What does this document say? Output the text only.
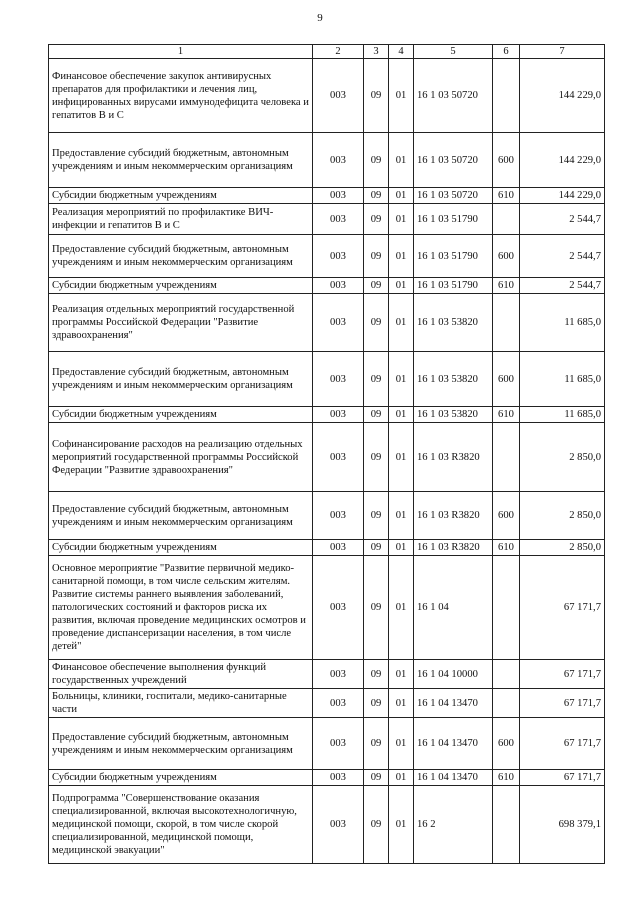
9
1	2	3	4	5	6	7
Финансовое обеспечение закупок антивирусных препаратов для профилактики и лечения лиц, инфицированных вирусами иммунодефицита человека и гепатитов В и С	003	09	01	16 1 03 50720		144 229,0
Предоставление субсидий бюджетным, автономным учреждениям и иным некоммерческим организациям	003	09	01	16 1 03 50720	600	144 229,0
Субсидии бюджетным учреждениям	003	09	01	16 1 03 50720	610	144 229,0
Реализация мероприятий по профилактике ВИЧ-инфекции и гепатитов В и С	003	09	01	16 1 03 51790		2 544,7
Предоставление субсидий бюджетным, автономным учреждениям и иным некоммерческим организациям	003	09	01	16 1 03 51790	600	2 544,7
Субсидии бюджетным учреждениям	003	09	01	16 1 03 51790	610	2 544,7
Реализация отдельных мероприятий государственной программы Российской Федерации "Развитие здравоохранения"	003	09	01	16 1 03 53820		11 685,0
Предоставление субсидий бюджетным, автономным учреждениям и иным некоммерческим организациям	003	09	01	16 1 03 53820	600	11 685,0
Субсидии бюджетным учреждениям	003	09	01	16 1 03 53820	610	11 685,0
Софинансирование расходов на реализацию отдельных мероприятий государственной программы Российской Федерации "Развитие здравоохранения"	003	09	01	16 1 03 R3820		2 850,0
Предоставление субсидий бюджетным, автономным учреждениям и иным некоммерческим организациям	003	09	01	16 1 03 R3820	600	2 850,0
Субсидии бюджетным учреждениям	003	09	01	16 1 03 R3820	610	2 850,0
Основное мероприятие "Развитие первичной медико-санитарной помощи, в том числе сельским жителям. Развитие системы раннего выявления заболеваний, патологических состояний и факторов риска их развития, включая проведение медицинских осмотров и проведение диспансеризации населения, в том числе детей"	003	09	01	16 1 04		67 171,7
Финансовое обеспечение выполнения функций государственных учреждений	003	09	01	16 1 04 10000		67 171,7
Больницы, клиники, госпитали, медико-санитарные части	003	09	01	16 1 04 13470		67 171,7
Предоставление субсидий бюджетным, автономным учреждениям и иным некоммерческим организациям	003	09	01	16 1 04 13470	600	67 171,7
Субсидии бюджетным учреждениям	003	09	01	16 1 04 13470	610	67 171,7
Подпрограмма "Совершенствование оказания специализированной, включая высокотехнологичную, медицинской помощи, скорой, в том числе скорой специализированной, медицинской помощи, медицинской эвакуации"	003	09	01	16 2		698 379,1
